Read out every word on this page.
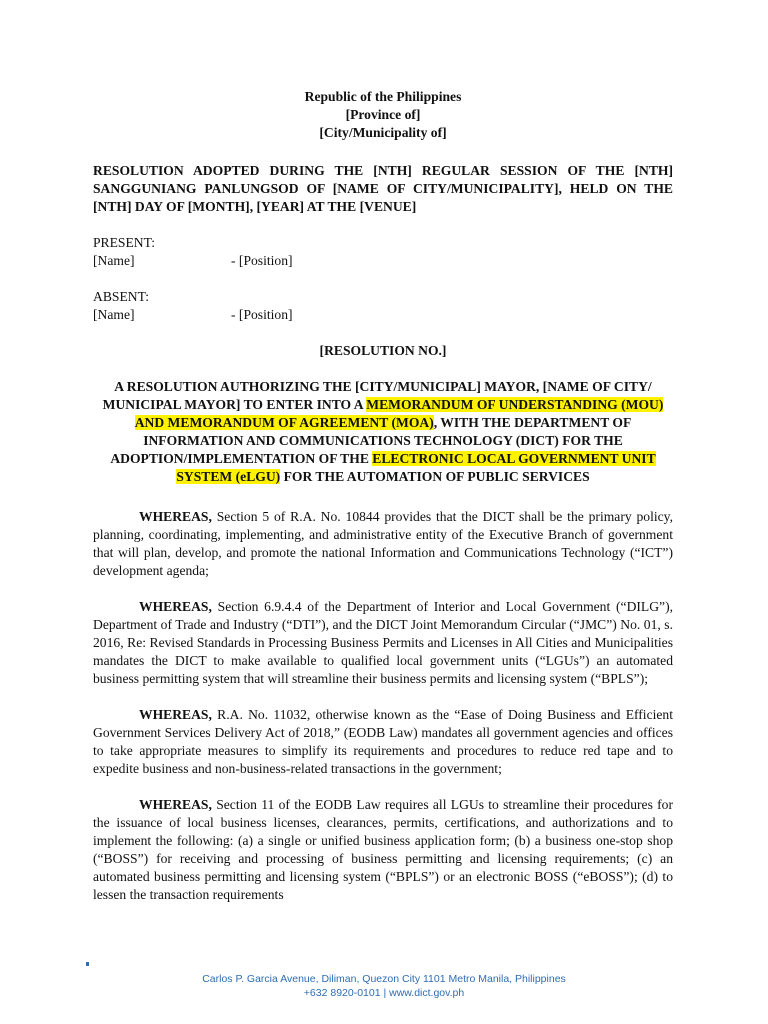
Republic of the Philippines
[Province of]
[City/Municipality of]
RESOLUTION ADOPTED DURING THE [NTH] REGULAR SESSION OF THE [NTH] SANGGUNIANG PANLUNGSOD OF [NAME OF CITY/MUNICIPALITY], HELD ON THE [NTH] DAY OF [MONTH], [YEAR] AT THE [VENUE]
PRESENT:
[Name]	- [Position]
ABSENT:
[Name]	- [Position]
[RESOLUTION NO.]
A RESOLUTION AUTHORIZING THE [CITY/MUNICIPAL] MAYOR, [NAME OF CITY/ MUNICIPAL MAYOR] TO ENTER INTO A MEMORANDUM OF UNDERSTANDING (MOU) AND MEMORANDUM OF AGREEMENT (MOA), WITH THE DEPARTMENT OF INFORMATION AND COMMUNICATIONS TECHNOLOGY (DICT) FOR THE ADOPTION/IMPLEMENTATION OF THE ELECTRONIC LOCAL GOVERNMENT UNIT SYSTEM (eLGU) FOR THE AUTOMATION OF PUBLIC SERVICES
WHEREAS, Section 5 of R.A. No. 10844 provides that the DICT shall be the primary policy, planning, coordinating, implementing, and administrative entity of the Executive Branch of government that will plan, develop, and promote the national Information and Communications Technology (“ICT”) development agenda;
WHEREAS, Section 6.9.4.4 of the Department of Interior and Local Government (“DILG”), Department of Trade and Industry (“DTI”), and the DICT Joint Memorandum Circular (“JMC”) No. 01, s. 2016, Re: Revised Standards in Processing Business Permits and Licenses in All Cities and Municipalities mandates the DICT to make available to qualified local government units (“LGUs”) an automated business permitting system that will streamline their business permits and licensing system (“BPLS”);
WHEREAS, R.A. No. 11032, otherwise known as the “Ease of Doing Business and Efficient Government Services Delivery Act of 2018,” (EODB Law) mandates all government agencies and offices to take appropriate measures to simplify its requirements and procedures to reduce red tape and to expedite business and non-business-related transactions in the government;
WHEREAS, Section 11 of the EODB Law requires all LGUs to streamline their procedures for the issuance of local business licenses, clearances, permits, certifications, and authorizations and to implement the following: (a) a single or unified business application form; (b) a business one-stop shop (“BOSS”) for receiving and processing of business permitting and licensing requirements; (c) an automated business permitting and licensing system (“BPLS”) or an electronic BOSS (“eBOSS”); (d) to lessen the transaction requirements
Carlos P. Garcia Avenue, Diliman, Quezon City 1101 Metro Manila, Philippines
+632 8920-0101 | www.dict.gov.ph
